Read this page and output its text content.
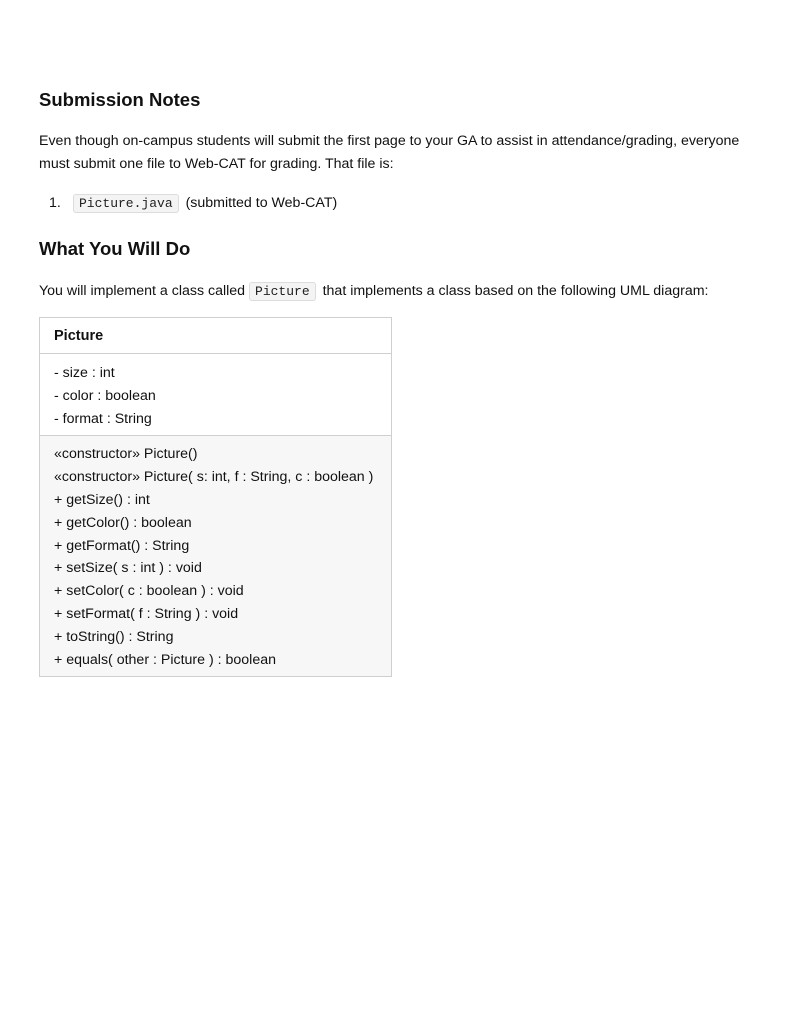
Submission Notes

Even though on-campus students will submit the first page to your GA to assist in attendance/grading, everyone must submit one file to Web-CAT for grading. That file is:

1. Picture.java (submitted to Web-CAT)
What You Will Do

You will implement a class called Picture that implements a class based on the following UML diagram:

Picture
- size : int
- color : boolean
- format : String
«constructor» Picture()
«constructor» Picture( s: int, f : String, c : boolean )
+ getSize() : int
+ getColor() : boolean
+ getFormat() : String
+ setSize( s : int ) : void
+ setColor( c : boolean ) : void
+ setFormat( f : String ) : void
+ toString() : String
+ equals( other : Picture ) : boolean
